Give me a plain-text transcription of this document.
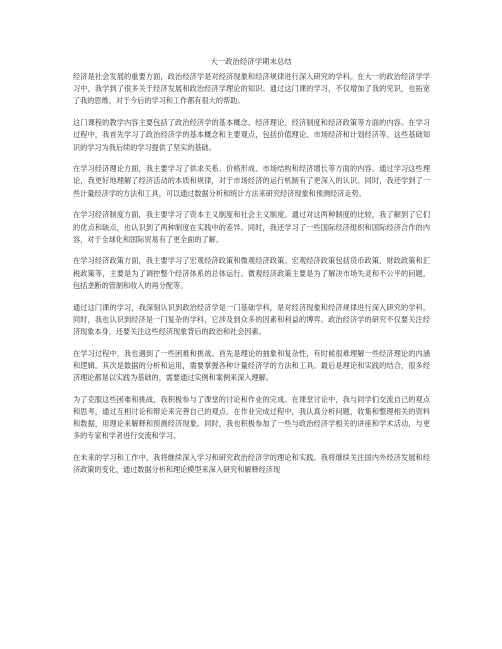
大一政治经济学期末总结

经济是社会发展的重要方面，政治经济学是对经济现象和经济规律进行深入研究的学科。在大一的政治经济学学习中，我学到了很多关于经济发展和政治经济学理论的知识。通过这门课的学习，不仅增加了我的见识，也拓宽了我的思维，对于今后的学习和工作都有很大的帮助。

这门课程的教学内容主要包括了政治经济学的基本概念、经济理论、经济制度和经济政策等方面的内容。在学习过程中，我首先学习了政治经济学的基本概念和主要观点，包括价值理论、市场经济和计划经济等。这些基础知识的学习为我后续的学习提供了坚实的基础。

在学习经济理论方面，我主要学习了供求关系、价格形成、市场结构和经济增长等方面的内容。通过学习这些理论，我更好地理解了经济活动的本质和规律，对于市场经济的运行机制有了更深入的认识。同时，我还学到了一些计量经济学的方法和工具，可以通过数据分析和统计方法来研究经济现象和预测经济走势。

在学习经济制度方面，我主要学习了资本主义制度和社会主义制度。通过对这两种制度的比较，我了解到了它们的优点和缺点，也认识到了两种制度在实践中的差异。同时，我还学习了一些国际经济组织和国际经济合作的内容，对于全球化和国际贸易有了更全面的了解。

在学习经济政策方面，我主要学习了宏观经济政策和微观经济政策。宏观经济政策包括货币政策、财政政策和汇税政策等，主要是为了调控整个经济体系的总体运行。微观经济政策主要是为了解决市场失灵和不公平的问题，包括垄断的管制和收入的再分配等。

通过这门课的学习，我深刻认识到政治经济学是一门基础学科，是对经济现象和经济规律进行深入研究的学科。同时，我也认识到经济是一门复杂的学科，它涉及到众多的因素和利益的博弈。政治经济学的研究不仅要关注经济现象本身，还要关注这些经济现象背后的政治和社会因素。

在学习过程中，我也遇到了一些困难和挑战。首先是理论的抽象和复杂性，有时候很难理解一些经济理论的内涵和逻辑。其次是数据的分析和运用，需要掌握各种计量经济学的方法和工具。最后是理论和实践的结合，很多经济理论都是以实践为基础的，需要通过实例和案例来深入理解。

为了克服这些困难和挑战，我积极参与了课堂的讨论和作业的完成。在课堂讨论中，我与同学们交流自己的观点和思考，通过互相讨论和辩论来完善自己的观点。在作业完成过程中，我认真分析问题，收集和整理相关的资料和数据，用理论来解释和预测经济现象。同时，我也积极参加了一些与政治经济学相关的讲座和学术活动，与更多的专家和学者进行交流和学习。

在未来的学习和工作中，我将继续深入学习和研究政治经济学的理论和实践。我将继续关注国内外经济发展和经济政策的变化，通过数据分析和理论模型来深入研究和解释经济现
